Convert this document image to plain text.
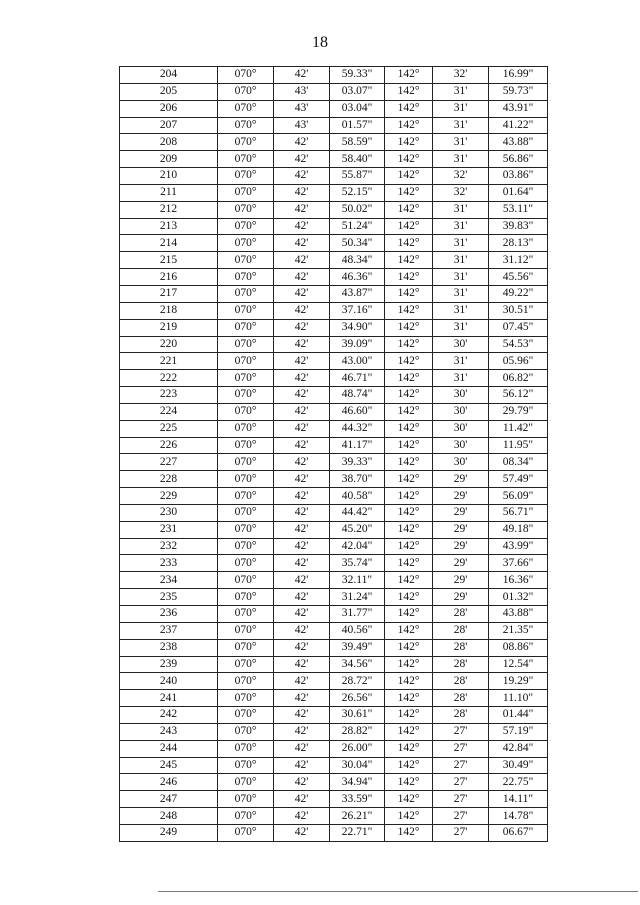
18
204	070°	42'	59.33"	142°	32'	16.99"
205	070°	43'	03.07"	142°	31'	59.73"
206	070°	43'	03.04"	142°	31'	43.91"
207	070°	43'	01.57"	142°	31'	41.22"
208	070°	42'	58.59"	142°	31'	43.88"
209	070°	42'	58.40"	142°	31'	56.86"
210	070°	42'	55.87"	142°	32'	03.86"
211	070°	42'	52.15"	142°	32'	01.64"
212	070°	42'	50.02"	142°	31'	53.11"
213	070°	42'	51.24"	142°	31'	39.83"
214	070°	42'	50.34"	142°	31'	28.13"
215	070°	42'	48.34"	142°	31'	31.12"
216	070°	42'	46.36"	142°	31'	45.56"
217	070°	42'	43.87"	142°	31'	49.22"
218	070°	42'	37.16"	142°	31'	30.51"
219	070°	42'	34.90"	142°	31'	07.45"
220	070°	42'	39.09"	142°	30'	54.53"
221	070°	42'	43.00"	142°	31'	05.96"
222	070°	42'	46.71"	142°	31'	06.82"
223	070°	42'	48.74"	142°	30'	56.12"
224	070°	42'	46.60"	142°	30'	29.79"
225	070°	42'	44.32"	142°	30'	11.42"
226	070°	42'	41.17"	142°	30'	11.95"
227	070°	42'	39.33"	142°	30'	08.34"
228	070°	42'	38.70"	142°	29'	57.49"
229	070°	42'	40.58"	142°	29'	56.09"
230	070°	42'	44.42"	142°	29'	56.71"
231	070°	42'	45.20"	142°	29'	49.18"
232	070°	42'	42.04"	142°	29'	43.99"
233	070°	42'	35.74"	142°	29'	37.66"
234	070°	42'	32.11"	142°	29'	16.36"
235	070°	42'	31.24"	142°	29'	01.32"
236	070°	42'	31.77"	142°	28'	43.88"
237	070°	42'	40.56"	142°	28'	21.35"
238	070°	42'	39.49"	142°	28'	08.86"
239	070°	42'	34.56"	142°	28'	12.54"
240	070°	42'	28.72"	142°	28'	19.29"
241	070°	42'	26.56"	142°	28'	11.10"
242	070°	42'	30.61"	142°	28'	01.44"
243	070°	42'	28.82"	142°	27'	57.19"
244	070°	42'	26.00"	142°	27'	42.84"
245	070°	42'	30.04"	142°	27'	30.49"
246	070°	42'	34.94"	142°	27'	22.75"
247	070°	42'	33.59"	142°	27'	14.11"
248	070°	42'	26.21"	142°	27'	14.78"
249	070°	42'	22.71"	142°	27'	06.67"
